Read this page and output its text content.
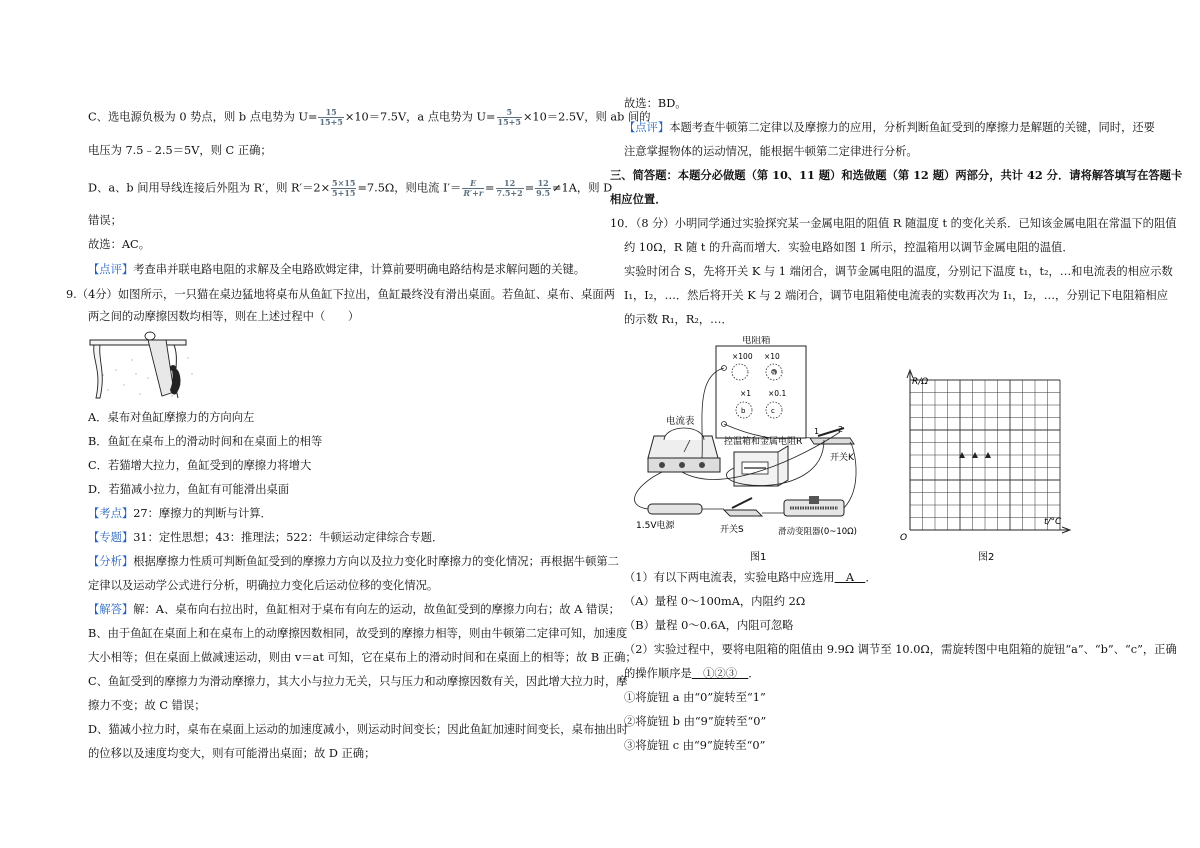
C、选电源负极为 0 势点，则 b 点电势为 $U= \frac{15}{15+5} \times 10=7.5V$，a 点电势为 $U= \frac{5}{15+5} \times 10=2.5V$，则 ab 间的
电压为 7.5﹣2.5＝5V，则 C 正确；
D、a、b 间用导线连接后外阻为 R′，则 $R'=2\times \frac{5\times 15}{5+15} =7.5\Omega$，则电流 $I'= \frac{E}{R'+r} = \frac{12}{7.5+2} = \frac{12}{9.5} \ne 1A$，则 D
错误；
故选：AC。
【点评】考查串并联电路电阻的求解及全电路欧姆定律，计算前要明确电路结构是求解问题的关键。
9.（4分）如图所示，一只猫在桌边猛地将桌布从鱼缸下拉出，鱼缸最终没有滑出桌面。若鱼缸、桌布、桌面两
两之间的动摩擦因数均相等，则在上述过程中（　　）
A．桌布对鱼缸摩擦力的方向向左
B．鱼缸在桌布上的滑动时间和在桌面上的相等
C．若猫增大拉力，鱼缸受到的摩擦力将增大
D．若猫减小拉力，鱼缸有可能滑出桌面
【考点】27：摩擦力的判断与计算．
【专题】31：定性思想；43：推理法；522：牛顿运动定律综合专题．
【分析】根据摩擦力性质可判断鱼缸受到的摩擦力方向以及拉力变化时摩擦力的变化情况；再根据牛顿第二
定律以及运动学公式进行分析，明确拉力变化后运动位移的变化情况。
【解答】解：A、桌布向右拉出时，鱼缸相对于桌布有向左的运动，故鱼缸受到的摩擦力向右；故 A 错误；
B、由于鱼缸在桌面上和在桌布上的动摩擦因数相同，故受到的摩擦力相等，则由牛顿第二定律可知，加速度
大小相等；但在桌面上做减速运动，则由 v＝at 可知，它在桌布上的滑动时间和在桌面上的相等；故 B 正确；
C、鱼缸受到的摩擦力为滑动摩擦力，其大小与拉力无关，只与压力和动摩擦因数有关，因此增大拉力时，摩
擦力不变；故 C 错误；
D、猫减小拉力时，桌布在桌面上运动的加速度减小，则运动时间变长；因此鱼缸加速时间变长，桌布抽出时
的位移以及速度均变大，则有可能滑出桌面；故 D 正确；
故选：BD。
【点评】本题考查牛顿第二定律以及摩擦力的应用，分析判断鱼缸受到的摩擦力是解题的关键，同时，还要
注意掌握物体的运动情况，能根据牛顿第二定律进行分析。
三、简答题：本题分必做题（第 10、11 题）和选做题（第 12 题）两部分，共计 42 分．请将解答填写在答题卡
相应位置．
10．（8 分）小明同学通过实验探究某一金属电阻的阻值 R 随温度 t 的变化关系．已知该金属电阻在常温下的阻值
约 10Ω，R 随 t 的升高而增大．实验电路如图 1 所示，控温箱用以调节金属电阻的温值．
实验时闭合 S，先将开关 K 与 1 端闭合，调节金属电阻的温度，分别记下温度 t₁，t₂，…和电流表的相应示数
I₁，I₂，…．然后将开关 K 与 2 端闭合，调节电阻箱使电流表的实数再次为 I₁，I₂，…，分别记下电阻箱相应
的示数 R₁，R₂，…．
电阻箱
×100 ×10
a
×1 ×0.1
b	c
电流表
控温箱和金属电阻R
1
开关K
1.5V电源	开关S	滑动变阻器(0~10Ω)
图1
R/Ω
t/°C
O
图2
（1）有以下两电流表，实验电路中应选用　A　．
（A）量程 0～100mA，内阻约 2Ω
（B）量程 0～0.6A，内阻可忽略
（2）实验过程中，要将电阻箱的阻值由 9.9Ω 调节至 10.0Ω，需旋转图中电阻箱的旋钮“a”、“b”、“c”，正确
的操作顺序是　①②③　．
①将旋钮 a 由“0”旋转至“1”
②将旋钮 b 由“9”旋转至“0”
③将旋钮 c 由“9”旋转至“0”
